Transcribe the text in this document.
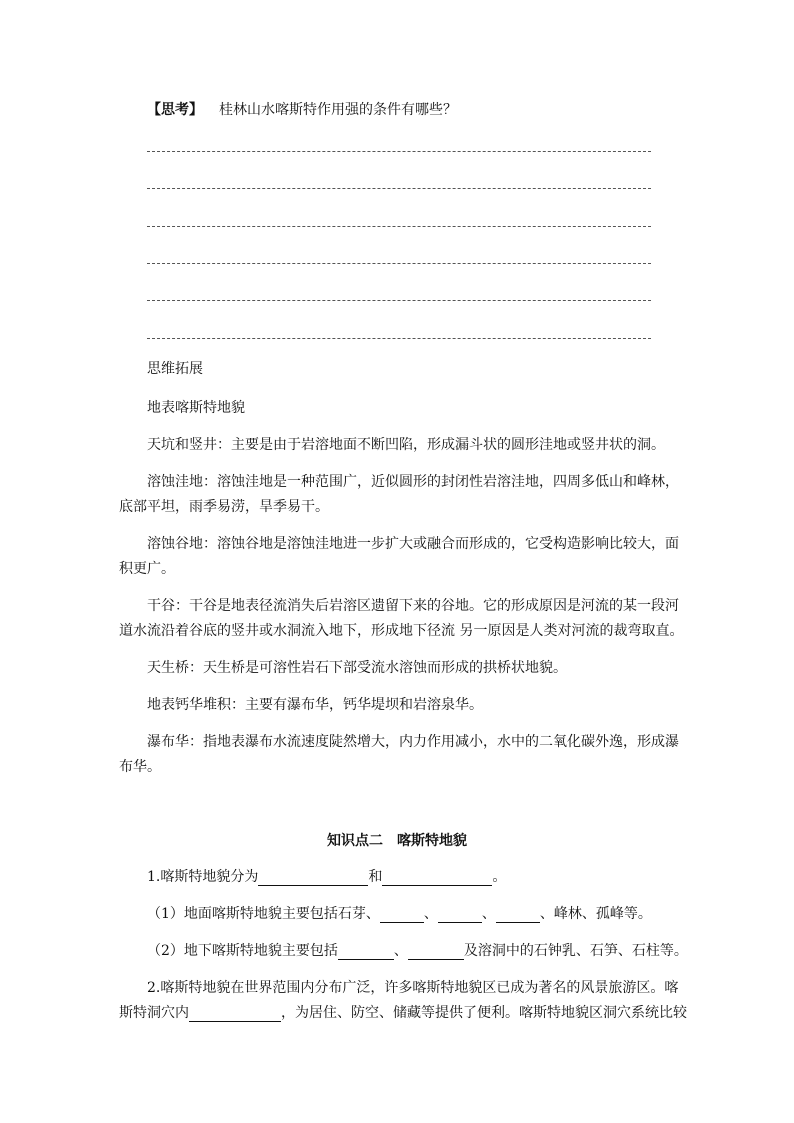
【思考】 桂林山水喀斯特作用强的条件有哪些？
思维拓展
地表喀斯特地貌
天坑和竖井：主要是由于岩溶地面不断凹陷，形成漏斗状的圆形洼地或竖井状的洞。
溶蚀洼地：溶蚀洼地是一种范围广，近似圆形的封闭性岩溶洼地，四周多低山和峰林，
底部平坦，雨季易涝，旱季易干。
溶蚀谷地：溶蚀谷地是溶蚀洼地进一步扩大或融合而形成的，它受构造影响比较大，面
积更广。
干谷：干谷是地表径流消失后岩溶区遗留下来的谷地。它的形成原因是河流的某一段河
道水流沿着谷底的竖井或水洞流入地下，形成地下径流 另一原因是人类对河流的裁弯取直。
天生桥：天生桥是可溶性岩石下部受流水溶蚀而形成的拱桥状地貌。
地表钙华堆积：主要有瀑布华，钙华堤坝和岩溶泉华。
瀑布华：指地表瀑布水流速度陡然增大，内力作用减小，水中的二氧化碳外逸，形成瀑
布华。
知识点二　喀斯特地貌
1.喀斯特地貌分为	和	。
（1）地面喀斯特地貌主要包括石芽、	、	、	、峰林、孤峰等。
（2）地下喀斯特地貌主要包括	、	及溶洞中的石钟乳、石笋、石柱等。
2.喀斯特地貌在世界范围内分布广泛，许多喀斯特地貌区已成为著名的风景旅游区。喀
斯特洞穴内	，为居住、防空、储藏等提供了便利。喀斯特地貌区洞穴系统比较
